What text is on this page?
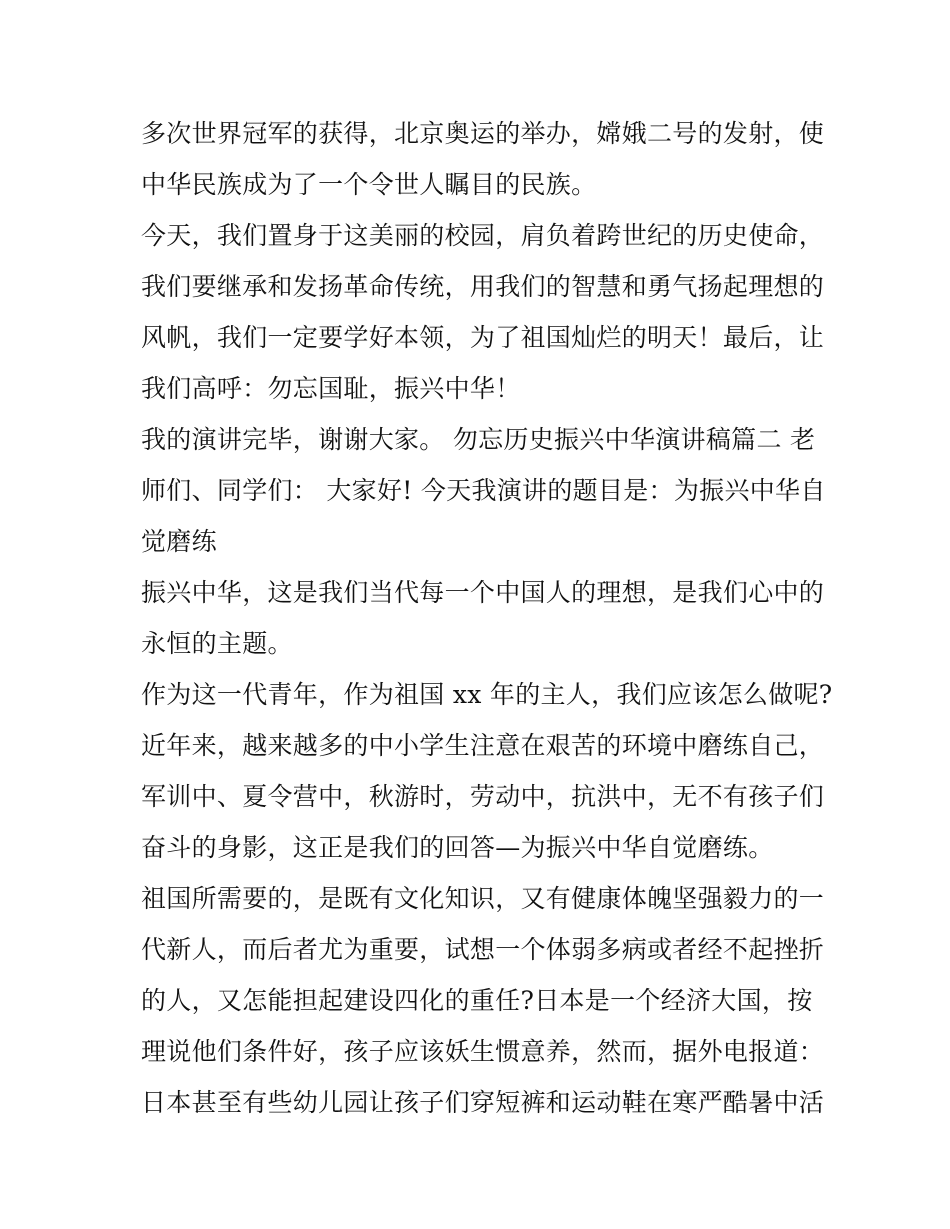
多次世界冠军的获得，北京奥运的举办，嫦娥二号的发射，使
中华民族成为了一个令世人瞩目的民族。
今天，我们置身于这美丽的校园，肩负着跨世纪的历史使命，
我们要继承和发扬革命传统，用我们的智慧和勇气扬起理想的
风帆，我们一定要学好本领，为了祖国灿烂的明天！最后，让
我们高呼：勿忘国耻，振兴中华！
我的演讲完毕，谢谢大家。 勿忘历史振兴中华演讲稿篇二 老
师们、同学们： 大家好! 今天我演讲的题目是：为振兴中华自
觉磨练
振兴中华，这是我们当代每一个中国人的理想，是我们心中的
永恒的主题。
作为这一代青年，作为祖国 xx 年的主人，我们应该怎么做呢?
近年来，越来越多的中小学生注意在艰苦的环境中磨练自己，
军训中、夏令营中，秋游时，劳动中，抗洪中，无不有孩子们
奋斗的身影，这正是我们的回答—为振兴中华自觉磨练。
祖国所需要的，是既有文化知识，又有健康体魄坚强毅力的一
代新人，而后者尤为重要，试想一个体弱多病或者经不起挫折
的人，又怎能担起建设四化的重任?日本是一个经济大国，按
理说他们条件好，孩子应该妖生惯意养，然而，据外电报道：
日本甚至有些幼儿园让孩子们穿短裤和运动鞋在寒严酷暑中活
